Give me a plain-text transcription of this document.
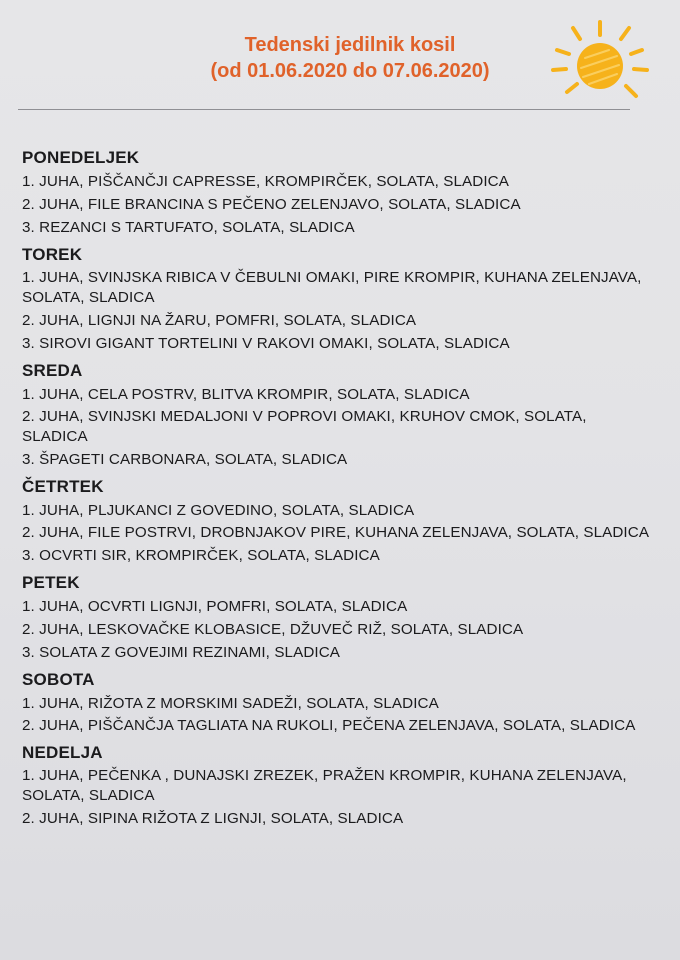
Tedenski jedilnik kosil
(od 01.06.2020 do 07.06.2020)
PONEDELJEK
1. JUHA, PIŠČANČJI CAPRESSE, KROMPIRČEK, SOLATA, SLADICA
2. JUHA, FILE BRANCINA S PEČENO ZELENJAVO, SOLATA, SLADICA
3. REZANCI S TARTUFATO, SOLATA, SLADICA
TOREK
1. JUHA, SVINJSKA RIBICA V ČEBULNI OMAKI, PIRE KROMPIR, KUHANA ZELENJAVA, SOLATA, SLADICA
2. JUHA, LIGNJI NA ŽARU, POMFRI, SOLATA, SLADICA
3. SIROVI GIGANT TORTELINI V RAKOVI OMAKI, SOLATA, SLADICA
SREDA
1. JUHA, CELA POSTRV, BLITVA KROMPIR, SOLATA, SLADICA
2. JUHA, SVINJSKI MEDALJONI V POPROVI OMAKI, KRUHOV CMOK, SOLATA, SLADICA
3. ŠPAGETI CARBONARA, SOLATA, SLADICA
ČETRTEK
1. JUHA, PLJUKANCI Z GOVEDINO, SOLATA, SLADICA
2. JUHA, FILE POSTRVI, DROBNJAKOV PIRE, KUHANA ZELENJAVA, SOLATA, SLADICA
3. OCVRTI SIR, KROMPIRČEK, SOLATA, SLADICA
PETEK
1. JUHA, OCVRTI LIGNJI, POMFRI, SOLATA, SLADICA
2. JUHA, LESKOVAČKE KLOBASICE, DŽUVEČ RIŽ, SOLATA, SLADICA
3. SOLATA Z GOVEJIMI REZINAMI, SLADICA
SOBOTA
1. JUHA, RIŽOTA Z MORSKIMI SADEŽI, SOLATA, SLADICA
2. JUHA, PIŠČANČJA TAGLIATA NA RUKOLI, PEČENA ZELENJAVA, SOLATA, SLADICA
NEDELJA
1. JUHA, PEČENKA , DUNAJSKI ZREZEK, PRAŽEN KROMPIR, KUHANA ZELENJAVA, SOLATA, SLADICA
2. JUHA, SIPINA RIŽOTA Z LIGNJI, SOLATA, SLADICA
